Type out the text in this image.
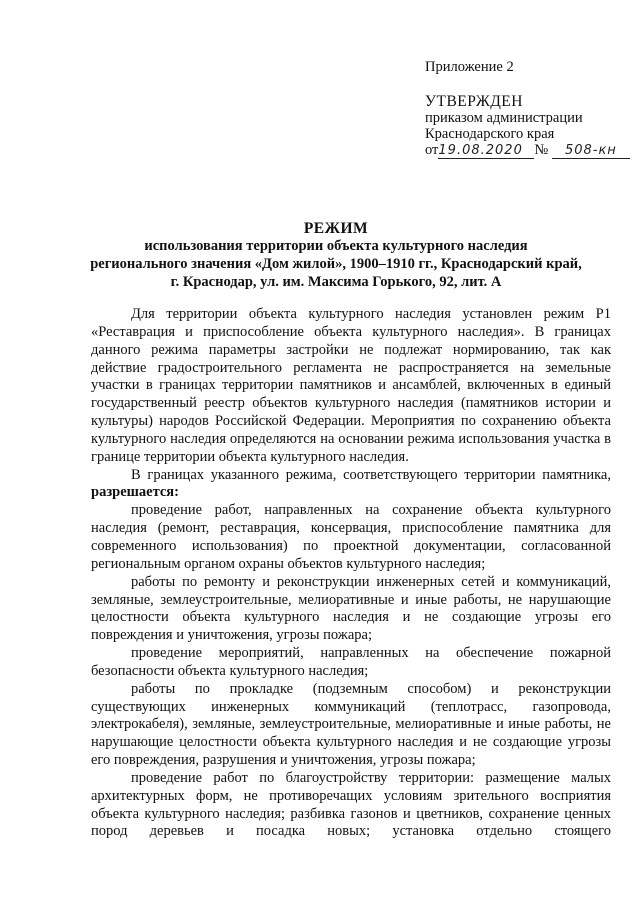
Приложение 2
УТВЕРЖДЕН
приказом администрации
Краснодарского края
от19.08.2020 № 508-кн
РЕЖИМ
использования территории объекта культурного наследия
регионального значения «Дом жилой», 1900–1910 гг., Краснодарский край,
г. Краснодар, ул. им. Максима Горького, 92, лит. А

Для территории объекта культурного наследия установлен режим Р1 «Реставрация и приспособление объекта культурного наследия». В границах данного режима параметры застройки не подлежат нормированию, так как действие градостроительного регламента не распространяется на земельные участки в границах территории памятников и ансамблей, включенных в единый государственный реестр объектов культурного наследия (памятников истории и культуры) народов Российской Федерации. Мероприятия по сохранению объекта культурного наследия определяются на основании режима использования участка в границе территории объекта культурного наследия.

В границах указанного режима, соответствующего территории памятника, разрешается:

проведение работ, направленных на сохранение объекта культурного наследия (ремонт, реставрация, консервация, приспособление памятника для современного использования) по проектной документации, согласованной региональным органом охраны объектов культурного наследия;

работы по ремонту и реконструкции инженерных сетей и коммуникаций, земляные, землеустроительные, мелиоративные и иные работы, не нарушающие целостности объекта культурного наследия и не создающие угрозы его повреждения и уничтожения, угрозы пожара;

проведение мероприятий, направленных на обеспечение пожарной безопасности объекта культурного наследия;

работы по прокладке (подземным способом) и реконструкции существующих инженерных коммуникаций (теплотрасс, газопровода, электрокабеля), земляные, землеустроительные, мелиоративные и иные работы, не нарушающие целостности объекта культурного наследия и не создающие угрозы его повреждения, разрушения и уничтожения, угрозы пожара;

проведение работ по благоустройству территории: размещение малых архитектурных форм, не противоречащих условиям зрительного восприятия объекта культурного наследия; разбивка газонов и цветников, сохранение ценных пород деревьев и посадка новых; установка отдельно стоящего
